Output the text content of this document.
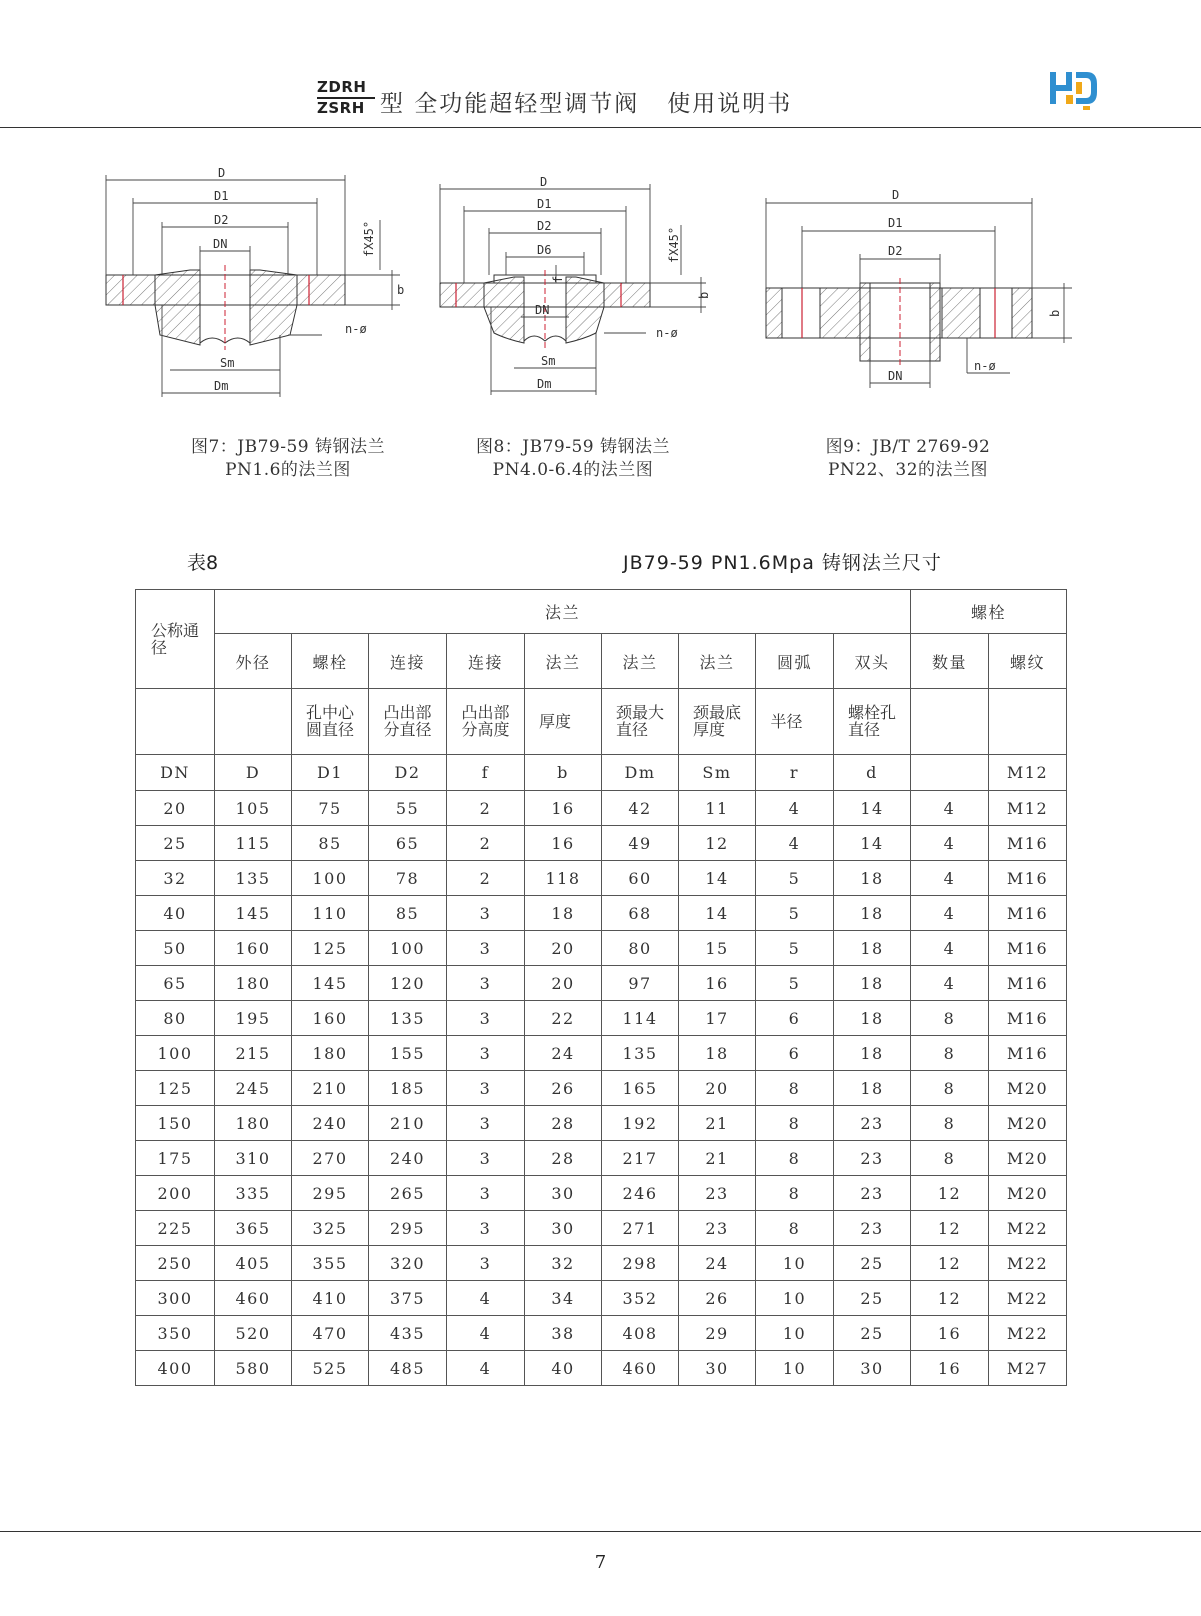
ZDRH
ZSRH 型 全功能超轻型调节阀   使用说明书
D
D1
D2
DN
Sm
Dm
n-ø
b
fX45°
图7：JB79-59 铸钢法兰
PN1.6的法兰图
D
D1
D2
D6
f
DN
Sm
Dm
n-ø
b
fX45°
图8：JB79-59 铸钢法兰
PN4.0-6.4的法兰图
D
D1
D2
DN
n-ø
b
图9：JB/T 2769-92
PN22、32的法兰图
表8	JB79-59 PN1.6Mpa 铸钢法兰尺寸
公称通径	法兰									螺栓	
	外径	螺栓	连接	连接	法兰	法兰	法兰	圆弧	双头	数量	螺纹
		孔中心圆直径	凸出部分直径	凸出部分高度	厚度	颈最大直径	颈最底厚度	半径	螺栓孔直径		
DN	D	D1	D2	f	b	Dm	Sm	r	d		M12
20	105	75	55	2	16	42	11	4	14	4	M12
25	115	85	65	2	16	49	12	4	14	4	M16
32	135	100	78	2	118	60	14	5	18	4	M16
40	145	110	85	3	18	68	14	5	18	4	M16
50	160	125	100	3	20	80	15	5	18	4	M16
65	180	145	120	3	20	97	16	5	18	4	M16
80	195	160	135	3	22	114	17	6	18	8	M16
100	215	180	155	3	24	135	18	6	18	8	M16
125	245	210	185	3	26	165	20	8	18	8	M20
150	180	240	210	3	28	192	21	8	23	8	M20
175	310	270	240	3	28	217	21	8	23	8	M20
200	335	295	265	3	30	246	23	8	23	12	M20
225	365	325	295	3	30	271	23	8	23	12	M22
250	405	355	320	3	32	298	24	10	25	12	M22
300	460	410	375	4	34	352	26	10	25	12	M22
350	520	470	435	4	38	408	29	10	25	16	M22
400	580	525	485	4	40	460	30	10	30	16	M27
7
